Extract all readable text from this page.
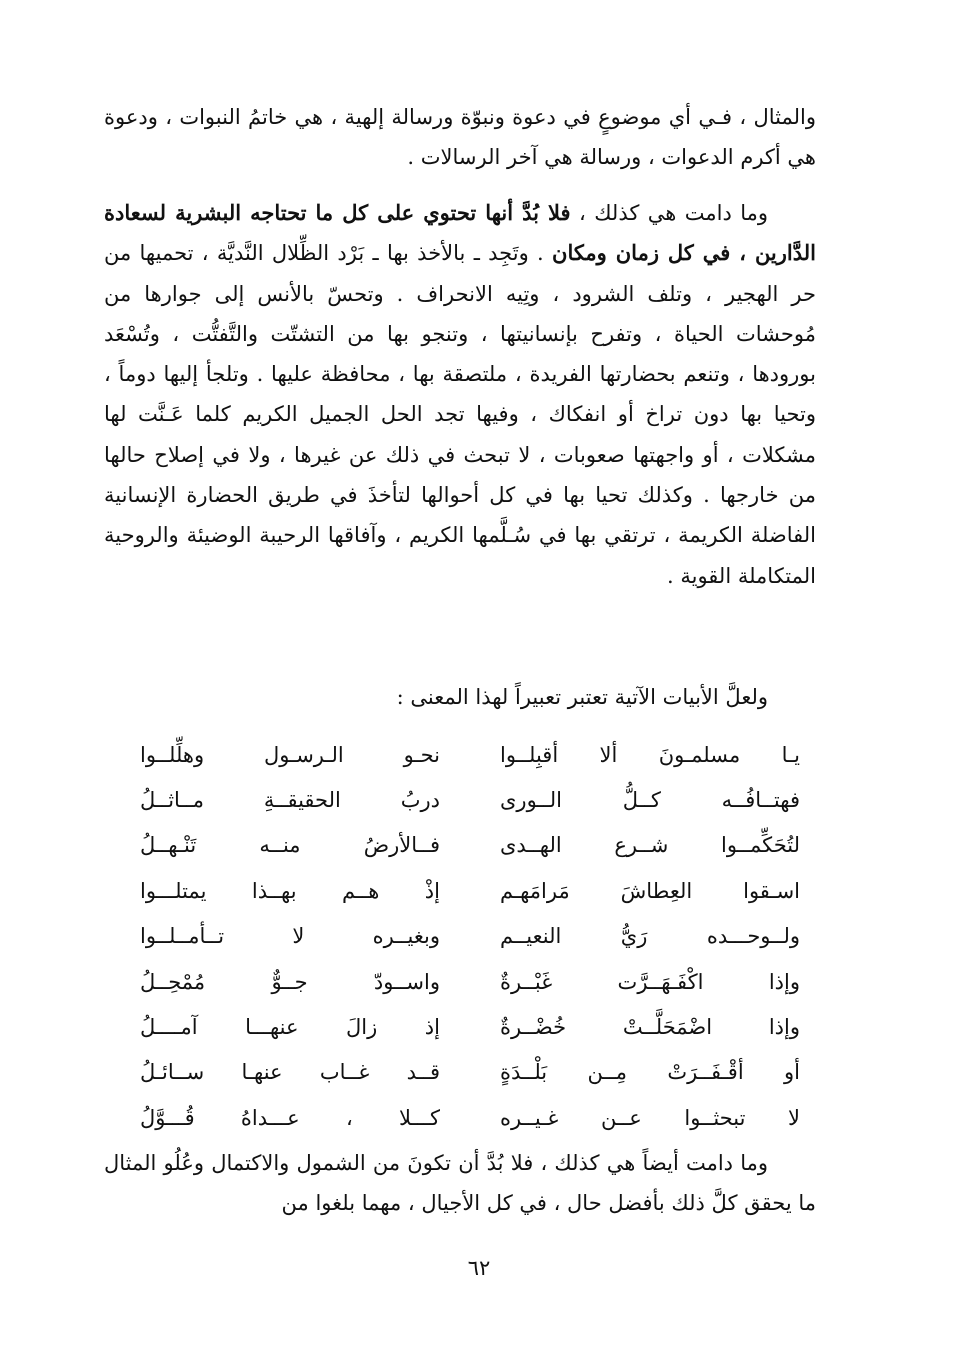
والمثال ، فـي أي موضوعٍ في دعوة ونبوّة ورسالة إلهية ، هي خاتمُ النبوات ، ودعوة هي أكرم الدعوات ، ورسالة هي آخر الرسالات .

وما دامت هي كذلك ، فلا بُدَّ أنها تحتوي على كل ما تحتاجه البشرية لسعادة الدَّارين ، في كل زمان ومكان . وتَجِد ـ بالأخذ بها ـ بَرْد الظِّلال النَّديَّة ، تحميها من حر الهجير ، وتلف الشرود ، وتِيه الانحراف . وتحسّ بالأنس إلى جوارها من مُوحشات الحياة ، وتفرح بإنسانيتها ، وتنجو بها من التشتّت والتَّفتُّت ، وتُسْعَد بورودها ، وتنعم بحضارتها الفريدة ، ملتصقة بها ، محافظة عليها . وتلجأ إليها دوماً ، وتحيا بها دون تراخ أو انفكاك ، وفيها تجد الحل الجميل الكريم كلما عَـنَّت لها مشكلات ، أو واجهتها صعوبات ، لا تبحث في ذلك عن غيرها ، ولا في إصلاح حالها من خارجها . وكذلك تحيا بها في كل أحوالها لتأخذَ في طريق الحضارة الإنسانية الفاضلة الكريمة ، ترتقي بها في سُـلَّمها الكريم ، وآفاقها الرحيبة الوضيئة والروحية المتكاملة القوية .

ولعلَّ الأبيات الآتية تعتبر تعبيراً لهذا المعنى :

يـا مسلمـونَ ألا أقبِلــوا
نحـو الـرسـول وهلِّلــوا
فهتــافُــه كــلُّ الــورى
دربُ الحقيقــةِ مــاثــلُ
لتُحَكِّمــوا شــرع الهــدى
فــالأرضُ منــه تَنْـهــلُ
اسـقوا العِطاشَ مَرامَهـم
إذْ هــم بهــذا يمتلـــوا
ولــوحـــده رَيُّ النعيــم
وبغيــره لا تــأمــلــوا
وإذا اكْفَـهَــرَّت غَبْــرةٌ
واســودّ جــوٌّ مُمْحِــلُ
وإذا اضْمَحَلَّــتْ خُضْــرةٌ
إذ زالَ عنهـــا آمــــلُ
أو أقْـفَــرَتْ مِــن بَلْــدَةٍ
قــد غــاب عنهـا ســائـلُ
لا تبحثــوا عــن غـيــره
كـــلا ، عـــداهُ قُـــوَّلُ

وما دامت أيضاً هي كذلك ، فلا بُدَّ أن تكونَ من الشمول والاكتمال وعُلُو المثال ما يحقق كلَّ ذلك بأفضل حال ، في كل الأجيال ، مهما بلغوا من

٦٢
